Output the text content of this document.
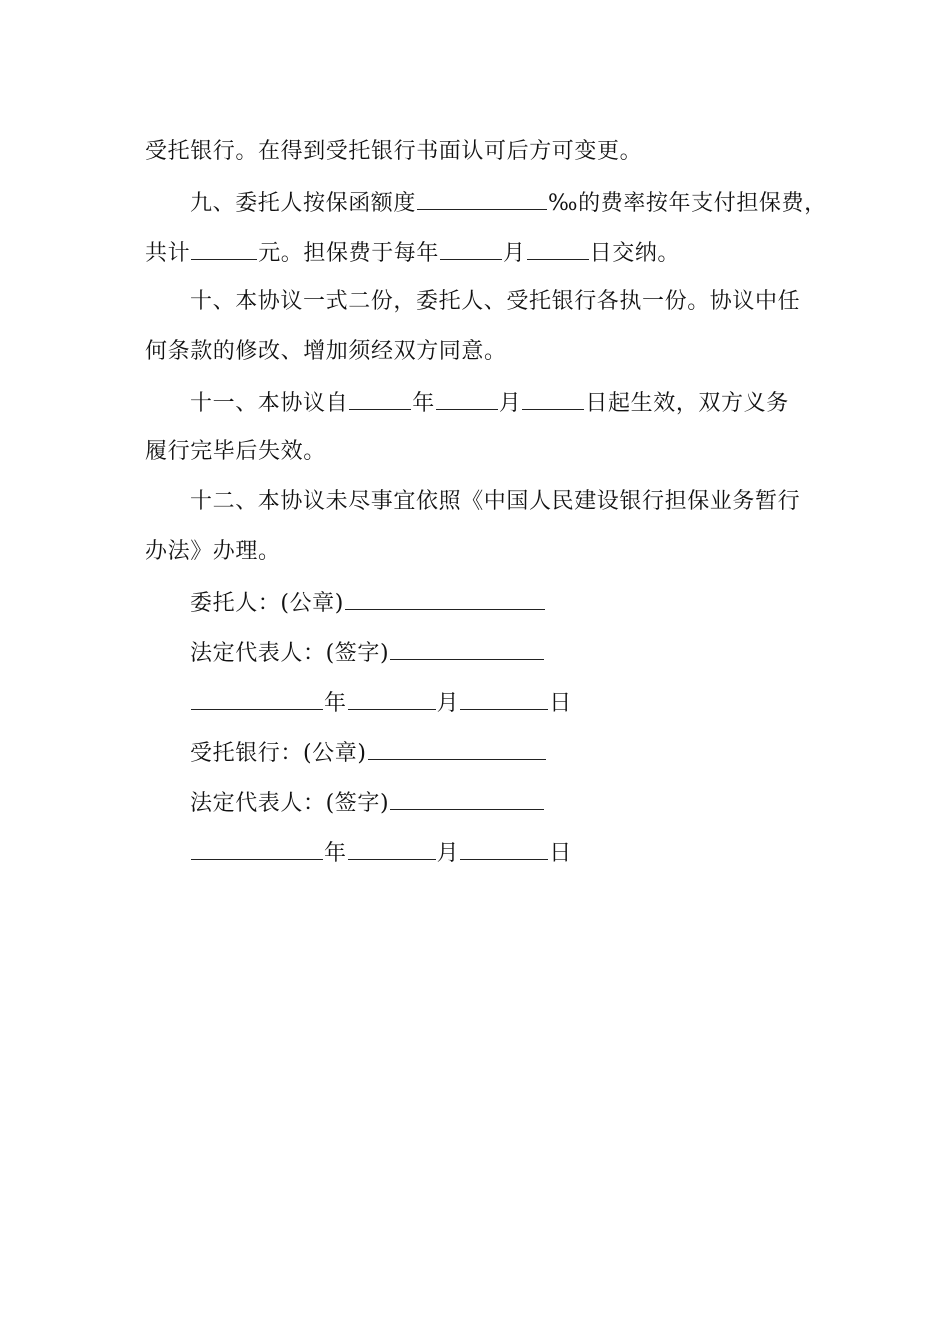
受托银行。在得到受托银行书面认可后方可变更。
九、委托人按保函额度	‰的费率按年支付担保费，
共计	元。担保费于每年	月	日交纳。
十、本协议一式二份，委托人、受托银行各执一份。协议中任
何条款的修改、增加须经双方同意。
十一、本协议自	年	月	日起生效，双方义务
履行完毕后失效。
十二、本协议未尽事宜依照《中国人民建设银行担保业务暂行
办法》办理。
委托人：(公章)
法定代表人：(签字)
年	月	日
受托银行：(公章)
法定代表人：(签字)
年	月	日
